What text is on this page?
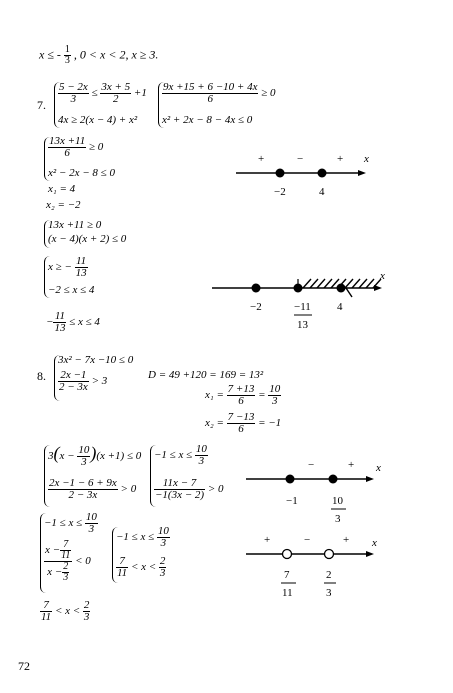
x ≤ - $\frac{1}{3}$ , 0 < x < 2, x ≥ 3.
7. $\frac{5 - 2x}{3} \le \frac{3x + 5}{2} +1$
4x ≥ 2(x − 4) + x²
$\frac{9x +15 + 6 -10 + 4x}{6} \ge 0$
x² + 2x − 8 − 4x ≤ 0
$\frac{13x +11}{6} \ge 0$
x² − 2x − 8 ≤ 0
x₁ = 4
x₂ = −2
13x +11 ≥ 0
(x − 4)(x + 2) ≤ 0
x ≥ − $\frac{11}{13}$
−2 ≤ x ≤ 4
− $\frac{11}{13} \le x \le 4$
+	−	+ x
−2	4
x
−2	−11
13
4
8.
3x² − 7x −10 ≤ 0
$\frac{2x -1}{2 - 3x} > 3$
D = 49 +120 = 169 = 13²
$x_1 = \frac{7 +13}{6} = \frac{10}{3}$
$x_2 = \frac{7 -13}{6} = -1$
$3(x - \frac{10}{3} )(x +1) \le 0$
$\frac{2x -1 - 6 + 9x}{2 - 3x} > 0$
$-1 \le x \le \frac{10}{3}$
$\frac{11x - 7}{-1(3x - 2)} > 0$
$-1 \le x \le \frac{10}{3}$
$\frac{x - \frac{7}{11}}{x - \frac{2}{3}} < 0$
$-1 \le x \le \frac{10}{3}$
$\frac{7}{11} < x < \frac{2}{3}$
$\frac{7}{11} < x < \frac{2}{3}$
−	+ x
−1	10
3
+	−	+ x
7
11
2
3
72
